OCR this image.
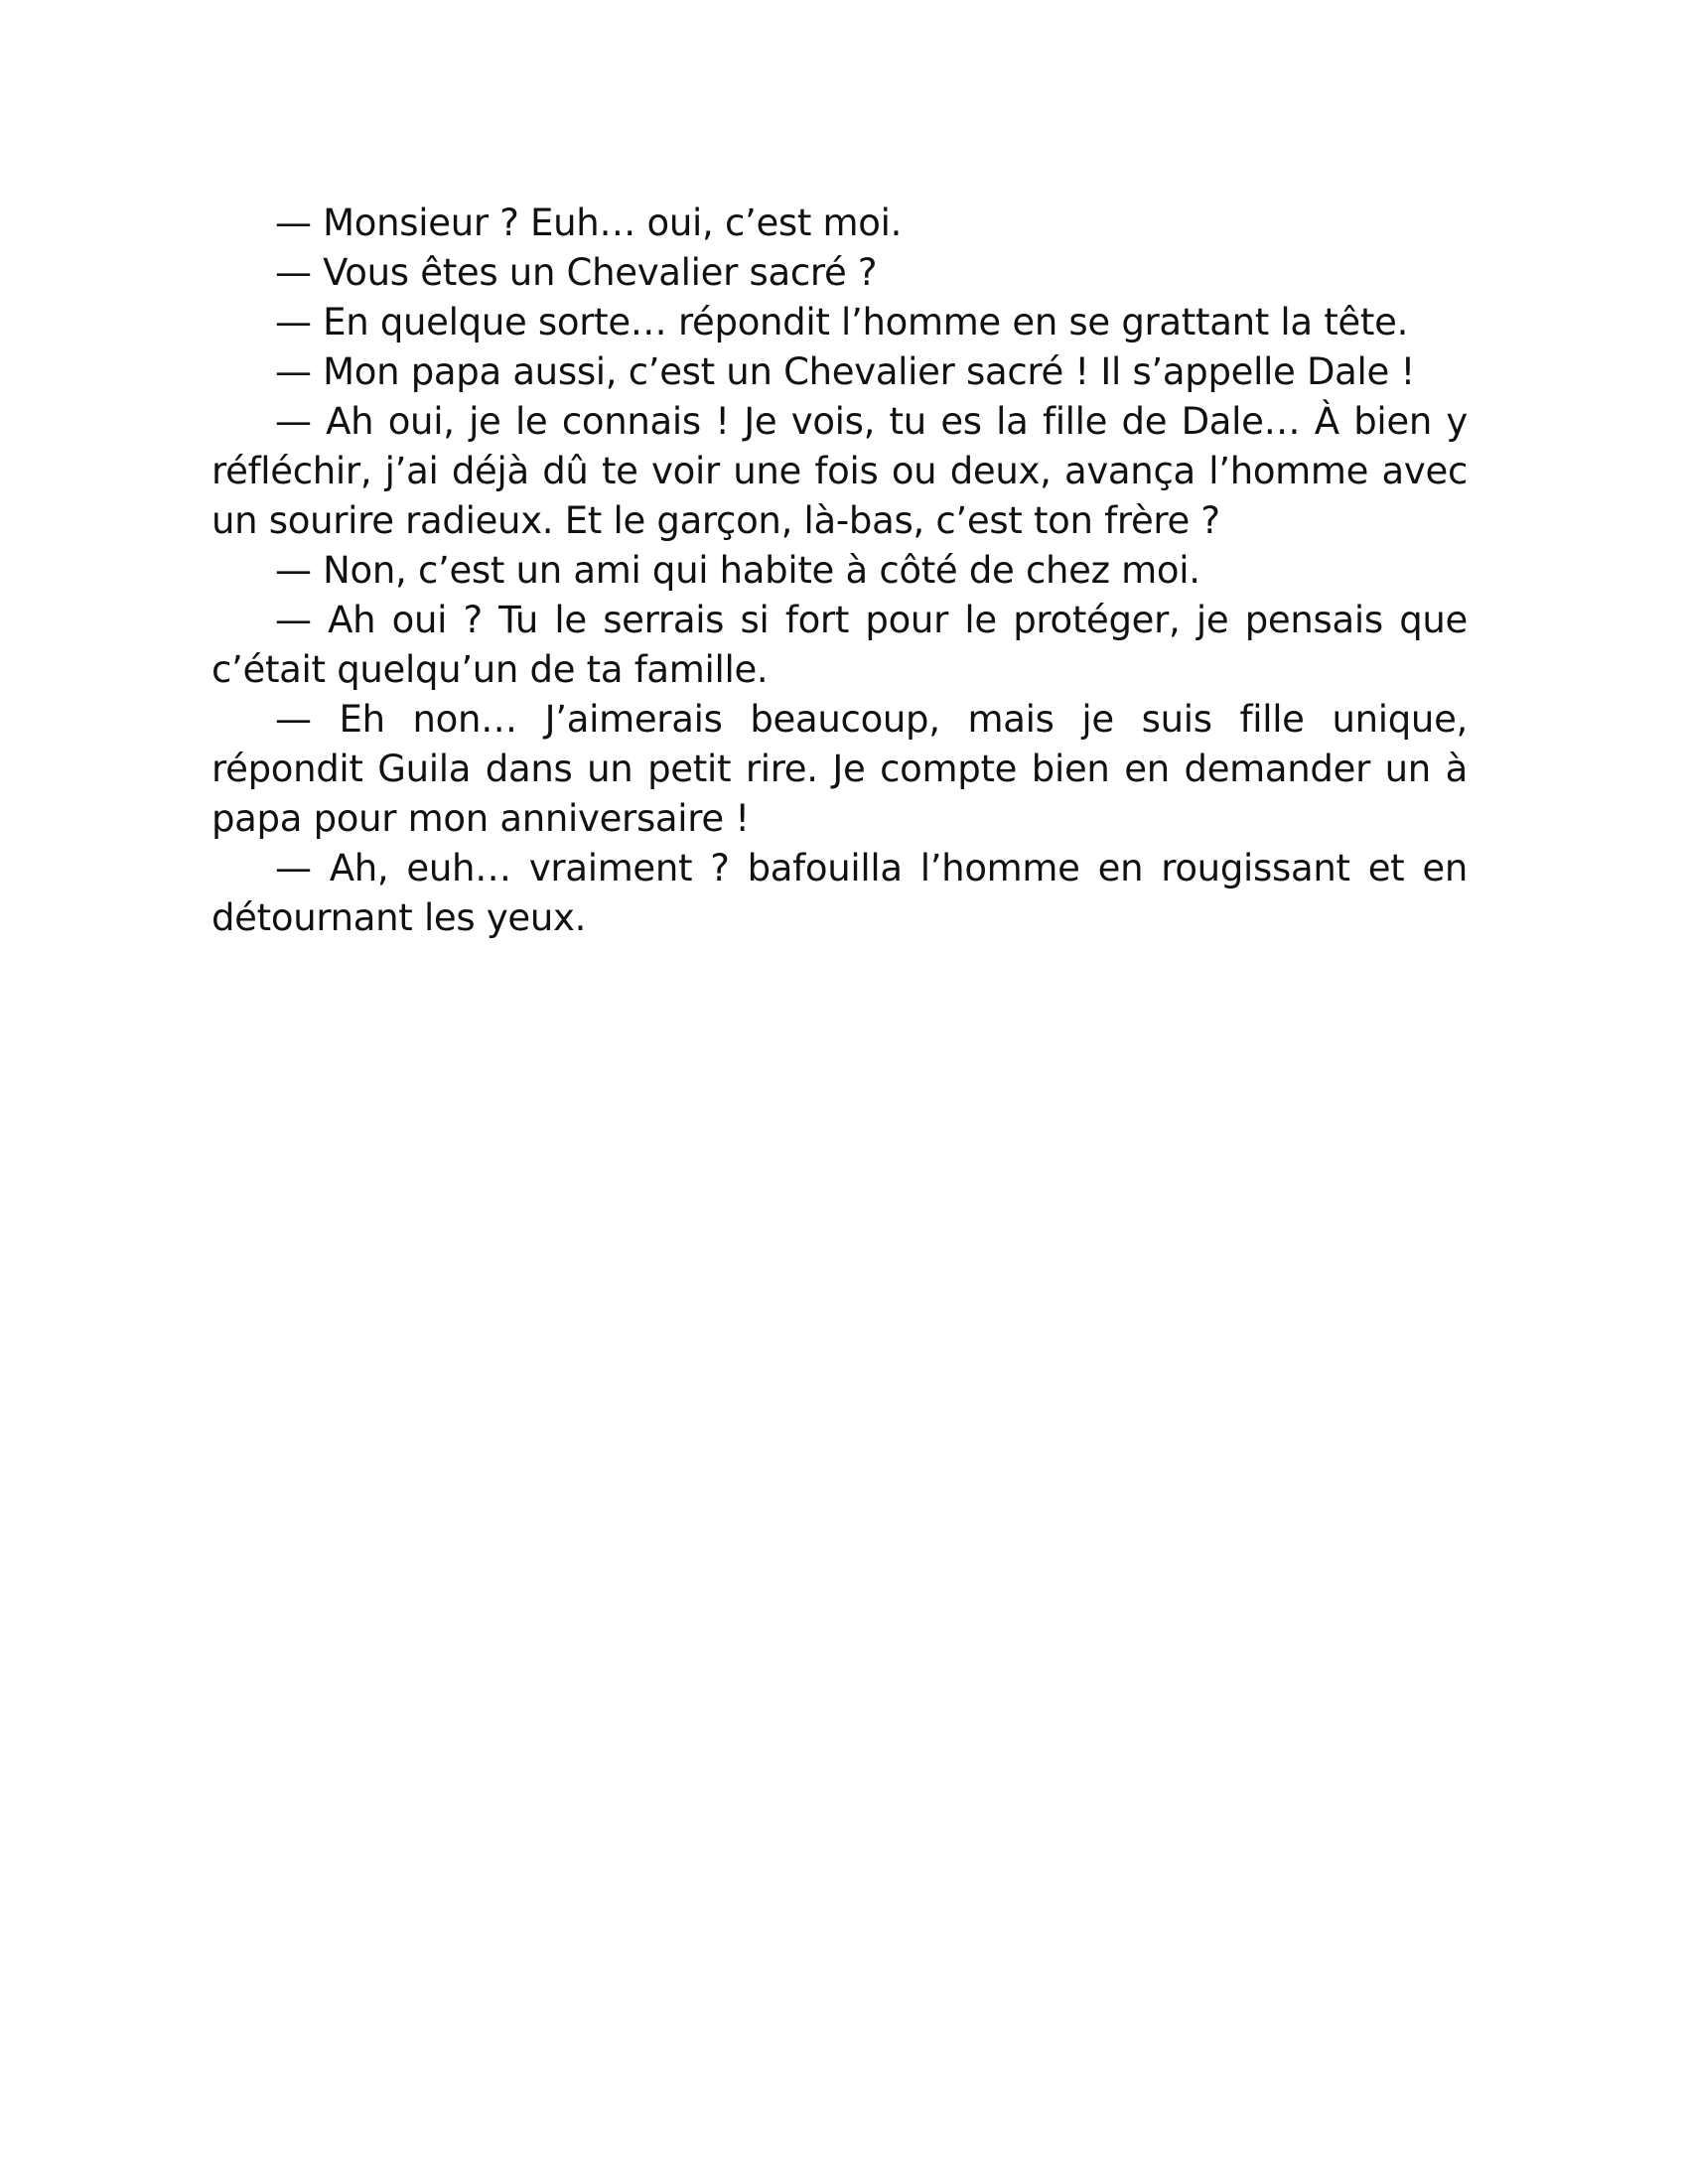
— Monsieur ? Euh… oui, c’est moi.

— Vous êtes un Chevalier sacré ?

— En quelque sorte… répondit l’homme en se grattant la tête.

— Mon papa aussi, c’est un Chevalier sacré ! Il s’appelle Dale !

— Ah oui, je le connais ! Je vois, tu es la fille de Dale… À bien y réfléchir, j’ai déjà dû te voir une fois ou deux, avança l’homme avec un sourire radieux. Et le garçon, là-bas, c’est ton frère ?

— Non, c’est un ami qui habite à côté de chez moi.

— Ah oui ? Tu le serrais si fort pour le protéger, je pensais que c’était quelqu’un de ta famille.

— Eh non… J’aimerais beaucoup, mais je suis fille unique, répondit Guila dans un petit rire. Je compte bien en demander un à papa pour mon anniversaire !

— Ah, euh… vraiment ? bafouilla l’homme en rougissant et en détournant les yeux.
